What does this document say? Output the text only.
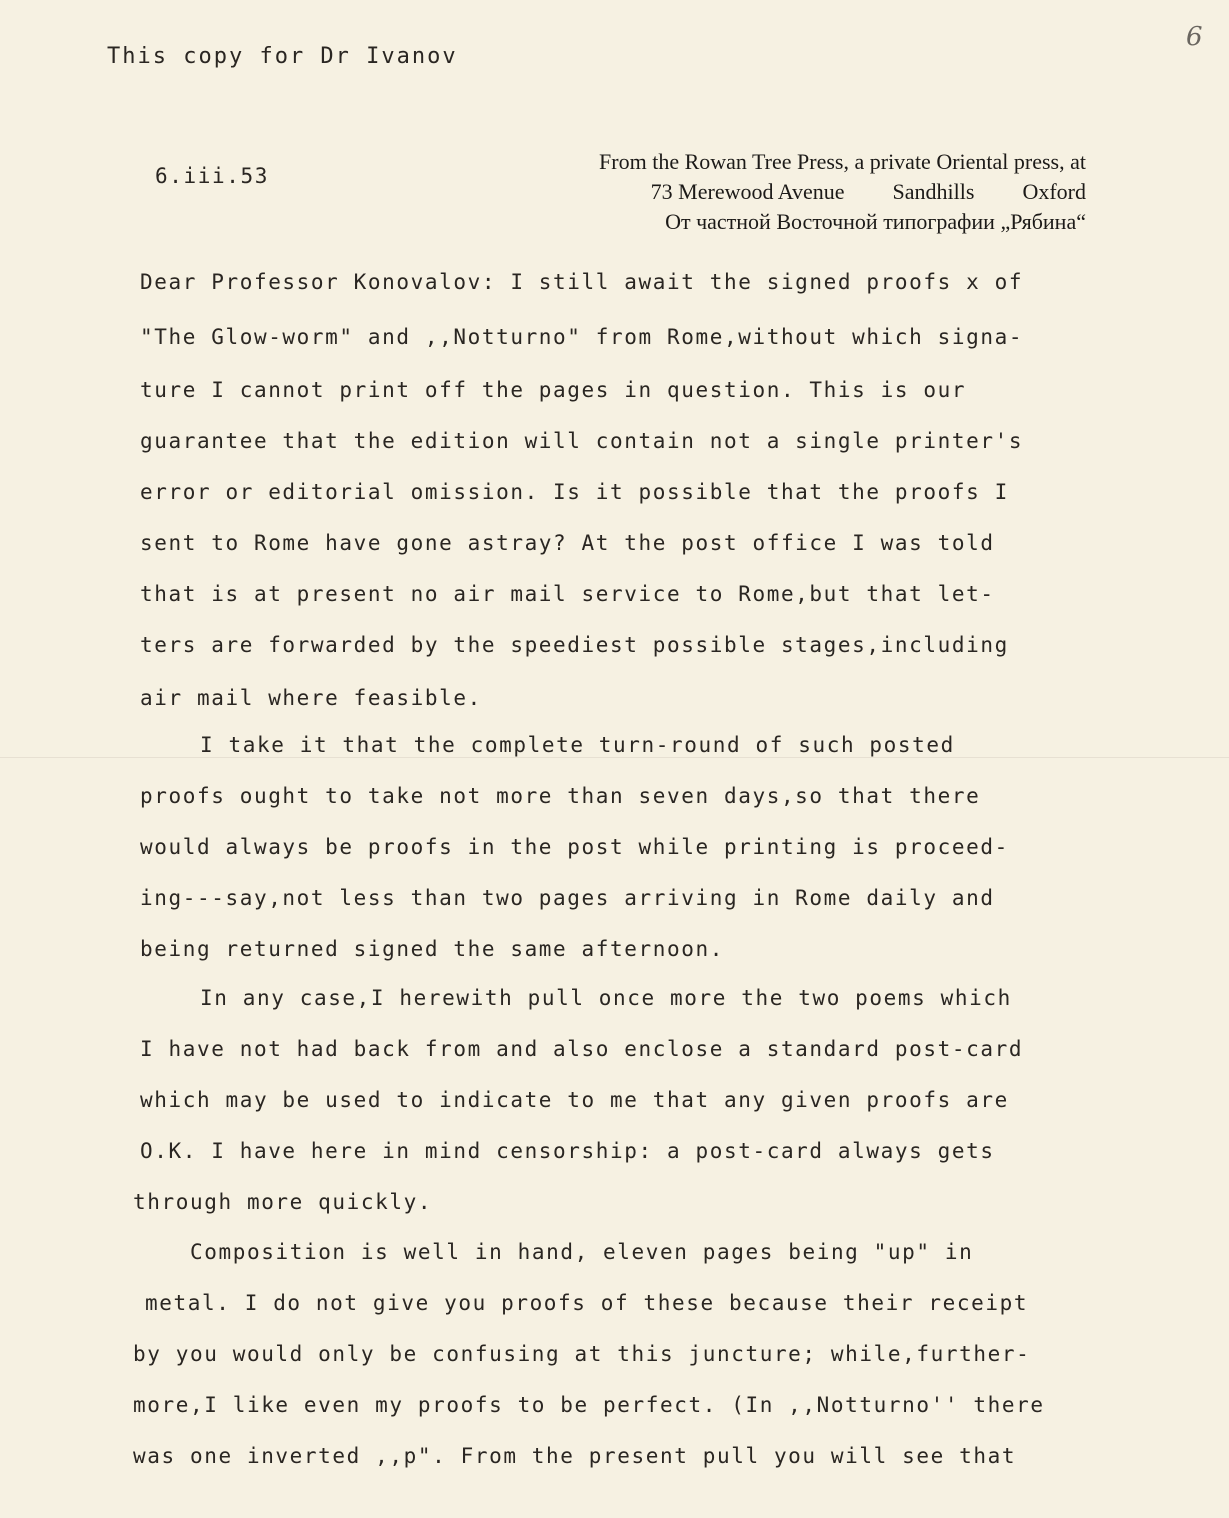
This copy for Dr Ivanov
6
6.iii.53
From the Rowan Tree Press, a private Oriental press, at
73 Merewood Avenue Sandhills Oxford
От частной Восточной типографии „Рябина“
Dear Professor Konovalov: I still await the signed proofs x of
"The Glow-worm" and ,,Notturno" from Rome,without which signa-
ture I cannot print off the pages in question. This is our
guarantee that the edition will contain not a single printer's
error or editorial omission. Is it possible that the proofs I
sent to Rome have gone astray? At the post office I was told
that is at present no air mail service to Rome,but that let-
ters are forwarded by the speediest possible stages,including
air mail where feasible.
I take it that the complete turn-round of such posted
proofs ought to take not more than seven days,so that there
would always be proofs in the post while printing is proceed-
ing---say,not less than two pages arriving in Rome daily and
being returned signed the same afternoon.
In any case,I herewith pull once more the two poems which
I have not had back from and also enclose a standard post-card
which may be used to indicate to me that any given proofs are
O.K. I have here in mind censorship: a post-card always gets
through more quickly.
Composition is well in hand, eleven pages being "up" in
metal. I do not give you proofs of these because their receipt
by you would only be confusing at this juncture; while,further-
more,I like even my proofs to be perfect. (In ,,Notturno'' there
was one inverted ,,p". From the present pull you will see that
